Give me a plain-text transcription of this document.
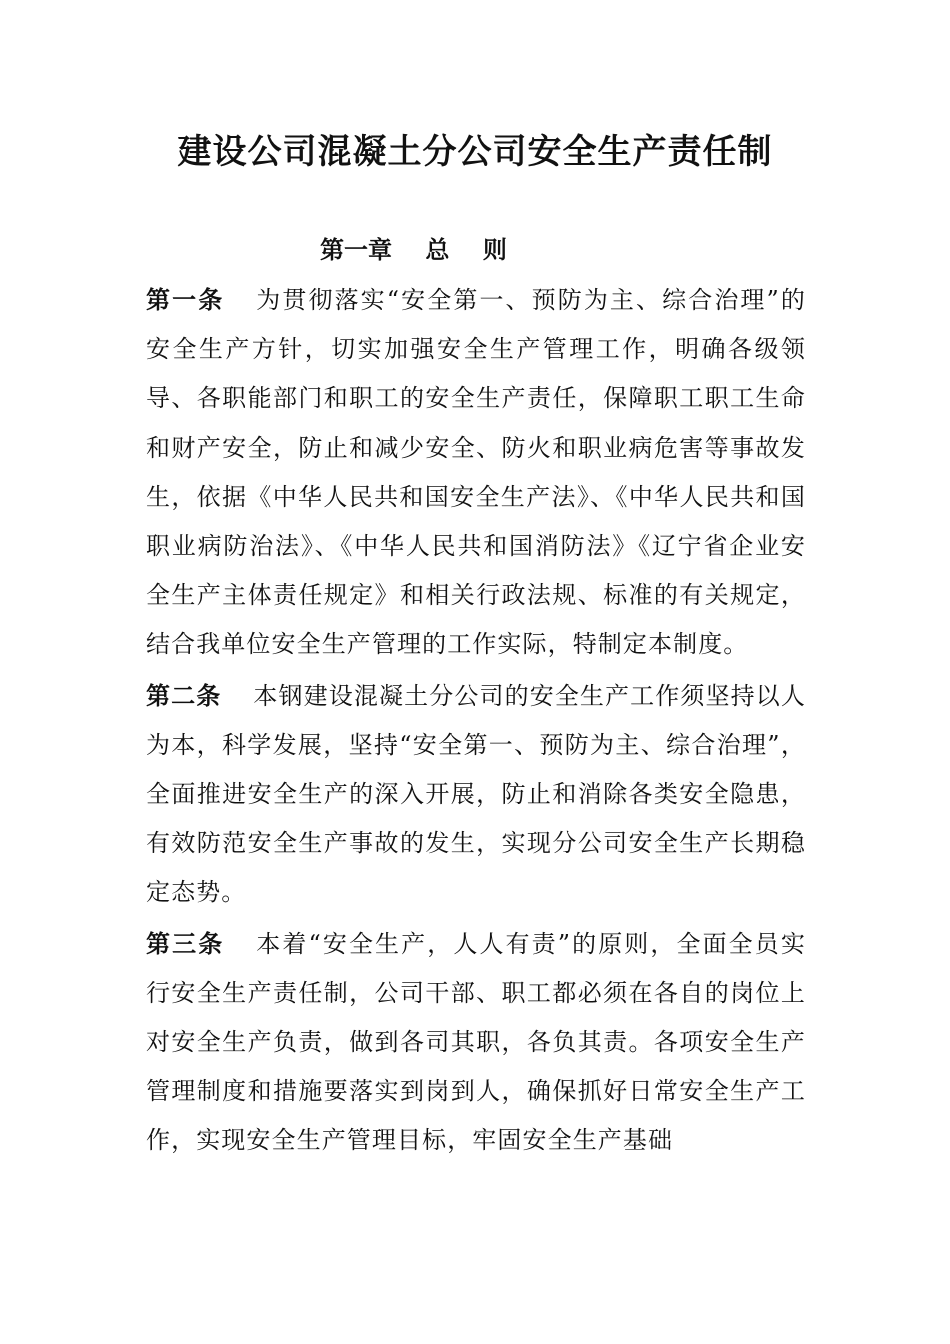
建设公司混凝土分公司安全生产责任制
第一章    总    则

第一条 为贯彻落实“安全第一、预防为主、综合治理”的安全生产方针，切实加强安全生产管理工作，明确各级领导、各职能部门和职工的安全生产责任，保障职工职工生命和财产安全，防止和减少安全、防火和职业病危害等事故发生，依据《中华人民共和国安全生产法》、《中华人民共和国职业病防治法》、《中华人民共和国消防法》《辽宁省企业安全生产主体责任规定》和相关行政法规、标准的有关规定，结合我单位安全生产管理的工作实际，特制定本制度。

第二条 本钢建设混凝土分公司的安全生产工作须坚持以人为本，科学发展，坚持“安全第一、预防为主、综合治理”，全面推进安全生产的深入开展，防止和消除各类安全隐患，有效防范安全生产事故的发生，实现分公司安全生产长期稳定态势。

第三条 本着“安全生产，人人有责”的原则，全面全员实行安全生产责任制，公司干部、职工都必须在各自的岗位上对安全生产负责，做到各司其职，各负其责。各项安全生产管理制度和措施要落实到岗到人，确保抓好日常安全生产工作，实现安全生产管理目标，牢固安全生产基础
